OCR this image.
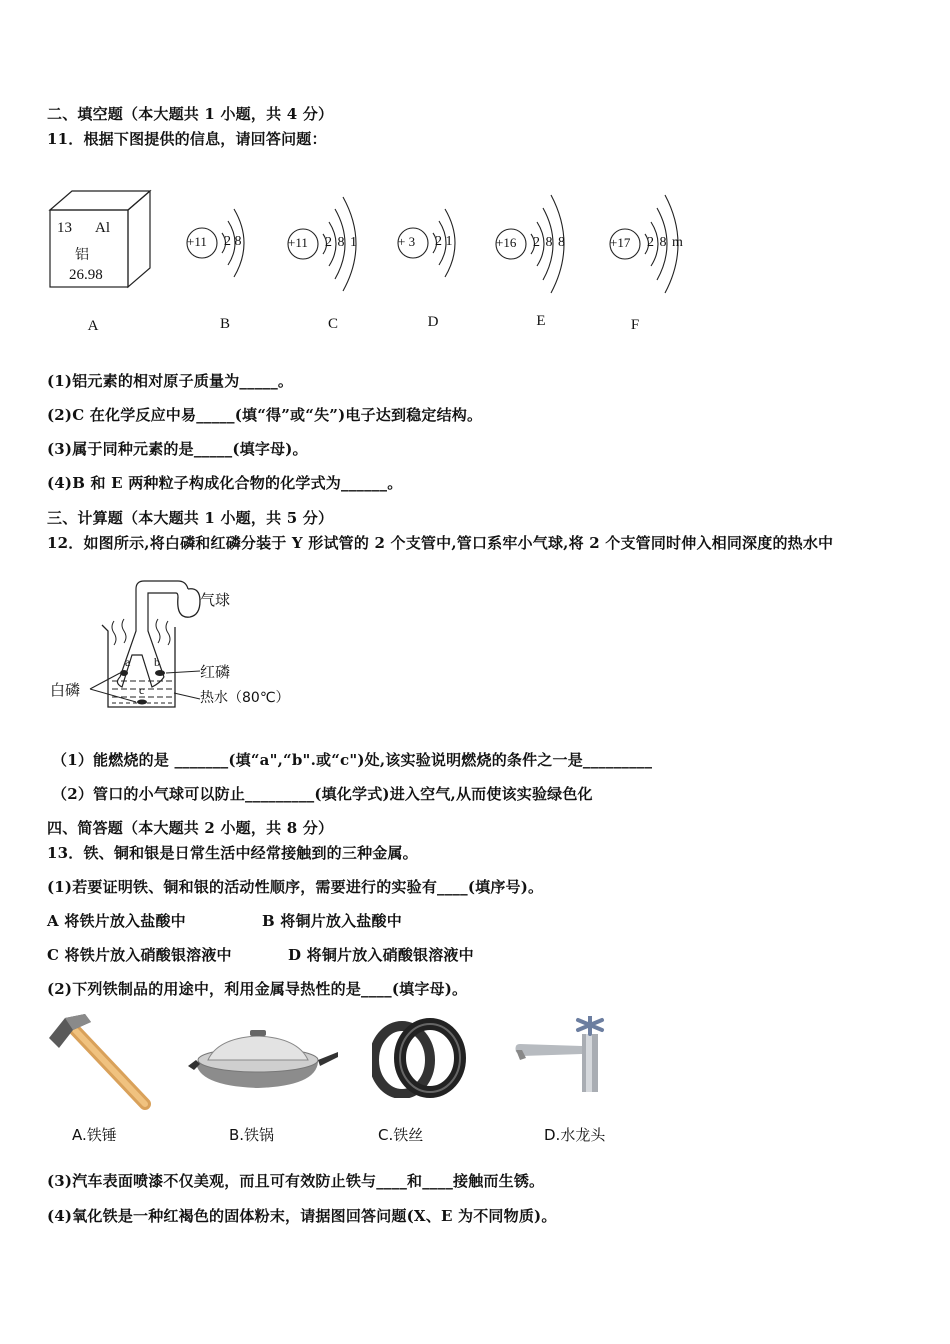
二、填空题（本大题共 1 小题，共 4 分）
11．根据下图提供的信息，请回答问题：
13 Al
铝
26.98
A
+11 2 8
B
+11 2 8 1
C
+ 3 2 1
D
+16 2 8 8
E
+17 2 8 m
F
(1)铝元素的相对原子质量为_____。
(2)C 在化学反应中易_____(填“得”或“失”)电子达到稳定结构。
(3)属于同种元素的是_____(填字母)。
(4)B 和 E 两种粒子构成化合物的化学式为______。
三、计算题（本大题共 1 小题，共 5 分）
12．如图所示,将白磷和红磷分装于 Y 形试管的 2 个支管中,管口系牢小气球,将 2 个支管同时伸入相同深度的热水中
a b
c
气球
红磷
热水（80℃）
白磷
（1）能燃烧的是 _______(填“a",“b".或“c")处,该实验说明燃烧的条件之一是_________
（2）管口的小气球可以防止_________(填化学式)进入空气,从而使该实验绿色化
四、简答题（本大题共 2 小题，共 8 分）
13．铁、铜和银是日常生活中经常接触到的三种金属。
(1)若要证明铁、铜和银的活动性顺序，需要进行的实验有____(填序号)。
A 将铁片放入盐酸中	B 将铜片放入盐酸中
C 将铁片放入硝酸银溶液中	D 将铜片放入硝酸银溶液中
(2)下列铁制品的用途中，利用金属导热性的是____(填字母)。
A.铁锤	B.铁锅	C.铁丝	D.水龙头
(3)汽车表面喷漆不仅美观，而且可有效防止铁与____和____接触而生锈。
(4)氧化铁是一种红褐色的固体粉末，请据图回答问题(X、E 为不同物质)。
